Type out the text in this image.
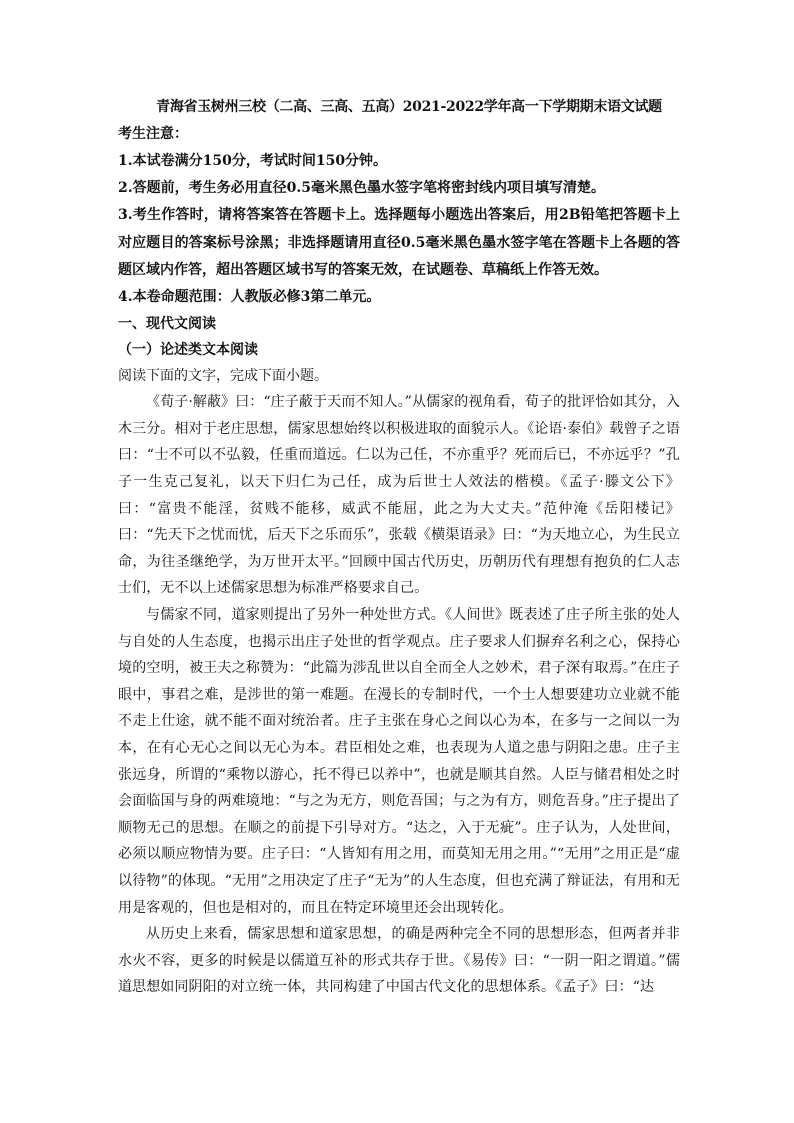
青海省玉树州三校（二高、三高、五高）2021-2022学年高一下学期期末语文试题

考生注意：

1.本试卷满分150分，考试时间150分钟。

2.答题前，考生务必用直径0.5毫米黑色墨水签字笔将密封线内项目填写清楚。

3.考生作答时，请将答案答在答题卡上。选择题每小题选出答案后，用2B铅笔把答题卡上对应题目的答案标号涂黑；非选择题请用直径0.5毫米黑色墨水签字笔在答题卡上各题的答题区域内作答，超出答题区域书写的答案无效，在试题卷、草稿纸上作答无效。

4.本卷命题范围：人教版必修3第二单元。

一、现代文阅读

（一）论述类文本阅读

阅读下面的文字，完成下面小题。

《荀子·解蔽》曰：“庄子蔽于天而不知人。”从儒家的视角看，荀子的批评恰如其分，入木三分。相对于老庄思想，儒家思想始终以积极进取的面貌示人。《论语·泰伯》载曾子之语曰：“士不可以不弘毅，任重而道远。仁以为己任，不亦重乎？死而后已，不亦远乎？”孔子一生克己复礼，以天下归仁为己任，成为后世士人效法的楷模。《孟子·滕文公下》曰：“富贵不能淫，贫贱不能移，威武不能屈，此之为大丈夫。”范仲淹《岳阳楼记》曰：“先天下之忧而忧，后天下之乐而乐”，张载《横渠语录》曰：“为天地立心，为生民立命，为往圣继绝学，为万世开太平。”回顾中国古代历史，历朝历代有理想有抱负的仁人志士们，无不以上述儒家思想为标准严格要求自己。

与儒家不同，道家则提出了另外一种处世方式。《人间世》既表述了庄子所主张的处人与自处的人生态度，也揭示出庄子处世的哲学观点。庄子要求人们摒弃名利之心，保持心境的空明，被王夫之称赞为：“此篇为涉乱世以自全而全人之妙术，君子深有取焉。”在庄子眼中，事君之难，是涉世的第一难题。在漫长的专制时代，一个士人想要建功立业就不能不走上仕途，就不能不面对统治者。庄子主张在身心之间以心为本，在多与一之间以一为本，在有心无心之间以无心为本。君臣相处之难，也表现为人道之患与阴阳之患。庄子主张远身，所谓的“乘物以游心，托不得已以养中”，也就是顺其自然。人臣与储君相处之时会面临国与身的两难境地：“与之为无方，则危吾国；与之为有方，则危吾身。”庄子提出了顺物无己的思想。在顺之的前提下引导对方。“达之，入于无疵”。庄子认为，人处世间，必须以顺应物情为要。庄子曰：“人皆知有用之用，而莫知无用之用。”“无用”之用正是“虚以待物”的体现。“无用”之用决定了庄子“无为”的人生态度，但也充满了辩证法，有用和无用是客观的，但也是相对的，而且在特定环境里还会出现转化。

从历史上来看，儒家思想和道家思想，的确是两种完全不同的思想形态，但两者并非水火不容，更多的时候是以儒道互补的形式共存于世。《易传》曰：“一阴一阳之谓道。”儒道思想如同阴阳的对立统一体，共同构建了中国古代文化的思想体系。《孟子》曰：“达
